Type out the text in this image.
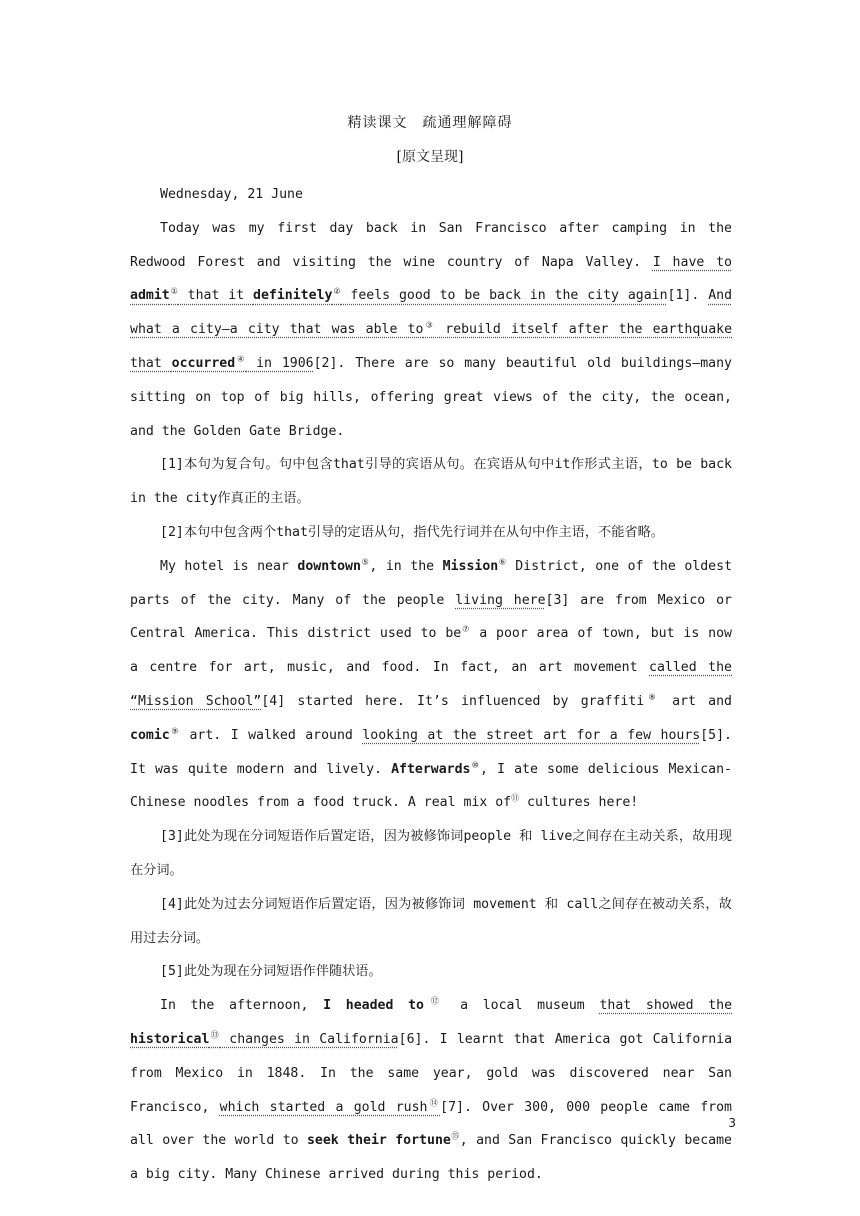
精读课文　疏通理解障碍
[原文呈现]

Wednesday, 21 June

Today was my first day back in San Francisco after camping in the Redwood Forest and visiting the wine country of Napa Valley. I have to admit① that it definitely② feels good to be back in the city again[1]. And what a city—a city that was able to③ rebuild itself after the earthquake that occurred④ in 1906[2]. There are so many beautiful old buildings—many sitting on top of big hills, offering great views of the city, the ocean, and the Golden Gate Bridge.

[1]本句为复合句。句中包含that引导的宾语从句。在宾语从句中it作形式主语，to be back in the city作真正的主语。

[2]本句中包含两个that引导的定语从句，指代先行词并在从句中作主语，不能省略。

My hotel is near downtown⑤, in the Mission⑥ District, one of the oldest parts of the city. Many of the people living here[3] are from Mexico or Central America. This district used to be⑦ a poor area of town, but is now a centre for art, music, and food. In fact, an art movement called the “Mission School”[4] started here. It’s influenced by graffiti⑧ art and comic⑨ art. I walked around looking at the street art for a few hours[5]. It was quite modern and lively. Afterwards⑩, I ate some delicious Mexican-Chinese noodles from a food truck. A real mix of⑪ cultures here!

[3]此处为现在分词短语作后置定语，因为被修饰词people 和 live之间存在主动关系，故用现在分词。

[4]此处为过去分词短语作后置定语，因为被修饰词 movement 和 call之间存在被动关系，故用过去分词。

[5]此处为现在分词短语作伴随状语。

In the afternoon, I headed to⑫ a local museum that showed the historical⑬ changes in California[6]. I learnt that America got California from Mexico in 1848. In the same year, gold was discovered near San Francisco, which started a gold rush⑭[7]. Over 300, 000 people came from all over the world to seek their fortune⑮, and San Francisco quickly became a big city. Many Chinese arrived during this period.

3
